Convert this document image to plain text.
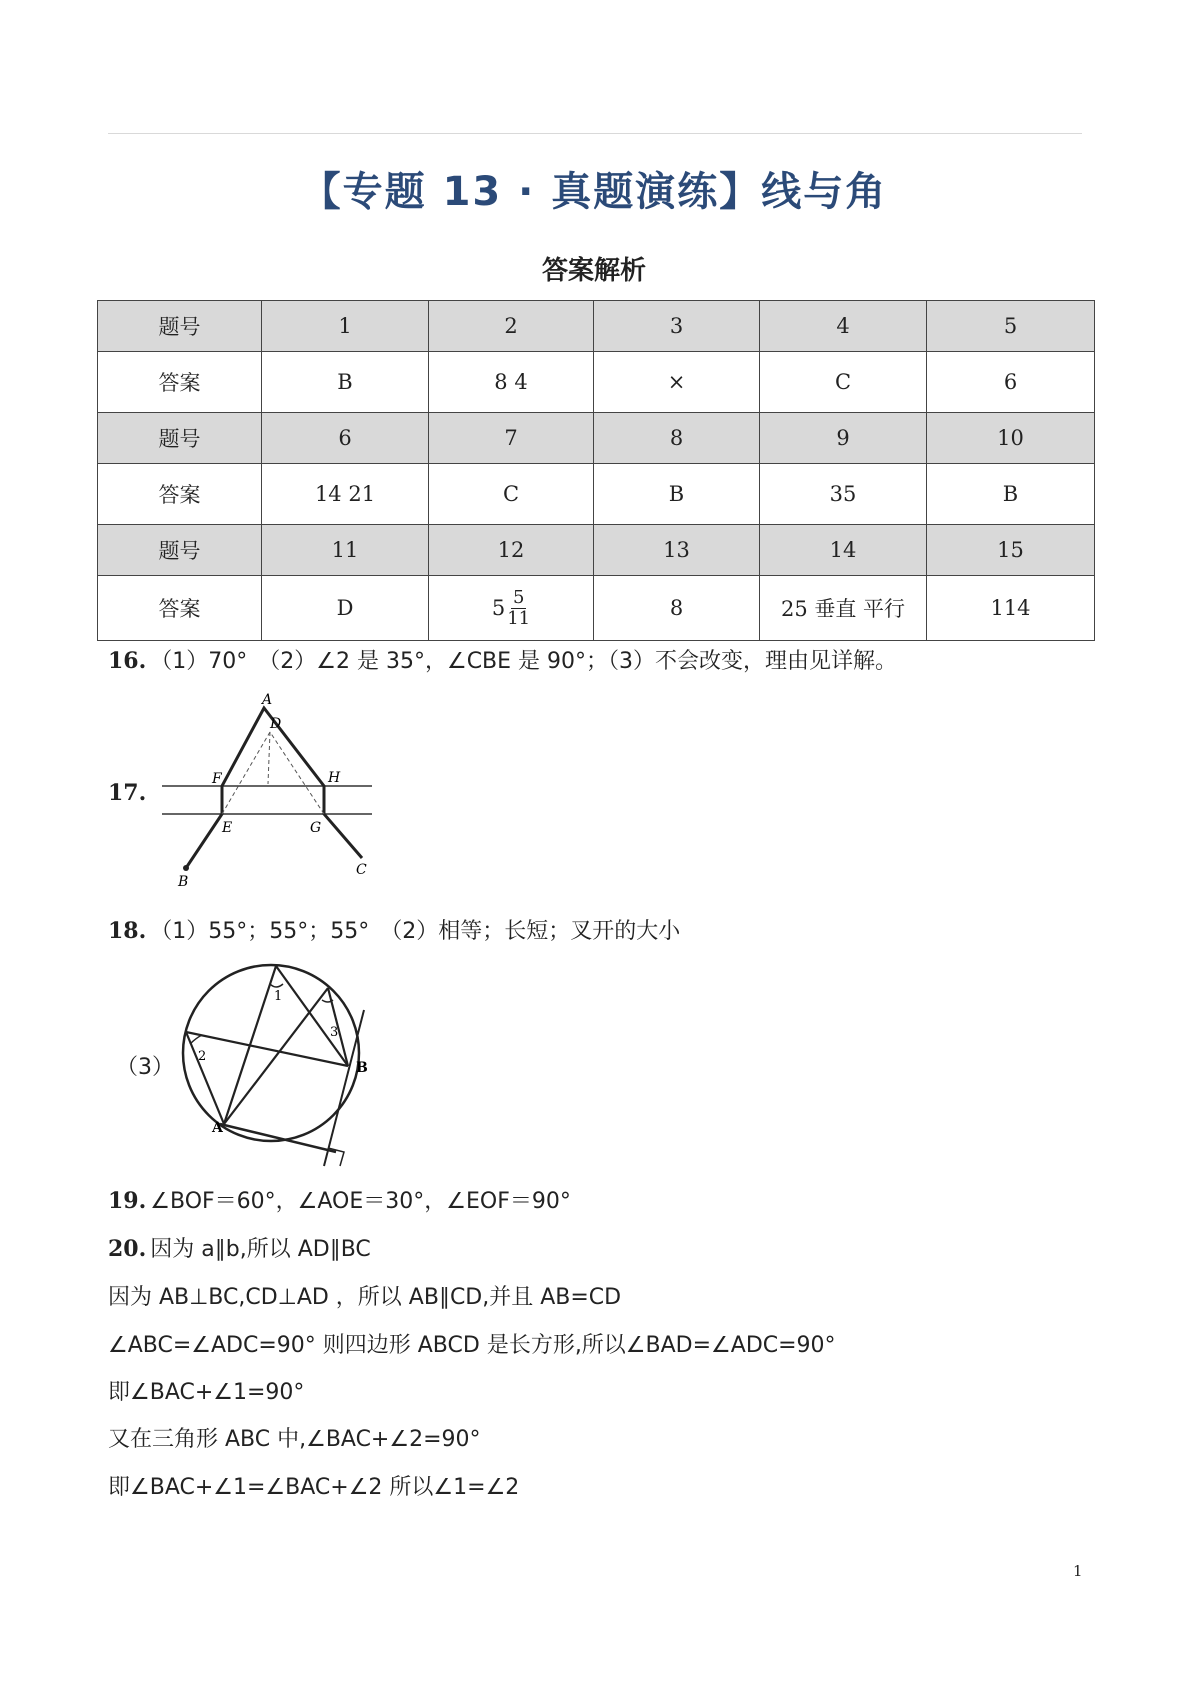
【专题 13 · 真题演练】线与角
答案解析
题号	1	2	3	4	5
答案	B	8 4	×	C	6
题号	6	7	8	9	10
答案	14 21	C	B	35	B
题号	11	12	13	14	15
答案	D	$5 \frac{5}{11}$	8	25 垂直 平行	114
16. （1）70°　（2）∠2 是 35°，∠CBE 是 90°；（3）不会改变，理由见详解。
17.
A
D
F	H
E	G
B
C
18. （1）55°；55°；55°　（2）相等；长短；叉开的大小
（3）
1
3
2
A
B
19. ∠BOF＝60°，∠AOE＝30°，∠EOF＝90°
20. 因为 a∥b,所以 AD∥BC
因为 AB⊥BC,CD⊥AD ，所以 AB∥CD,并且 AB=CD
∠ABC=∠ADC=90° 则四边形 ABCD 是长方形,所以∠BAD=∠ADC=90°
即∠BAC+∠1=90°
又在三角形 ABC 中,∠BAC+∠2=90°
即∠BAC+∠1=∠BAC+∠2 所以∠1=∠2
1
